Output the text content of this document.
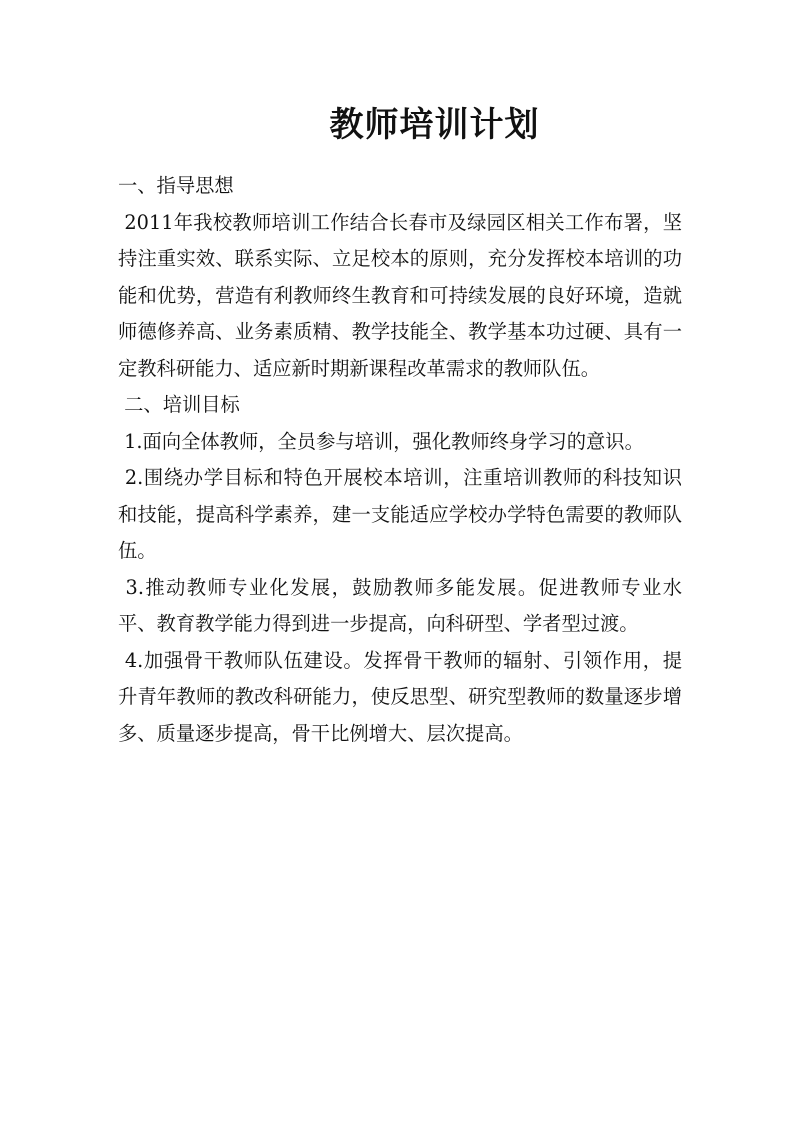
教师培训计划

一、指导思想

2011年我校教师培训工作结合长春市及绿园区相关工作布署，坚持注重实效、联系实际、立足校本的原则，充分发挥校本培训的功能和优势，营造有利教师终生教育和可持续发展的良好环境，造就师德修养高、业务素质精、教学技能全、教学基本功过硬、具有一定教科研能力、适应新时期新课程改革需求的教师队伍。

二、培训目标

1.面向全体教师，全员参与培训，强化教师终身学习的意识。

2.围绕办学目标和特色开展校本培训，注重培训教师的科技知识和技能，提高科学素养，建一支能适应学校办学特色需要的教师队伍。

3.推动教师专业化发展，鼓励教师多能发展。促进教师专业水平、教育教学能力得到进一步提高，向科研型、学者型过渡。

4.加强骨干教师队伍建设。发挥骨干教师的辐射、引领作用，提升青年教师的教改科研能力，使反思型、研究型教师的数量逐步增多、质量逐步提高，骨干比例增大、层次提高。
